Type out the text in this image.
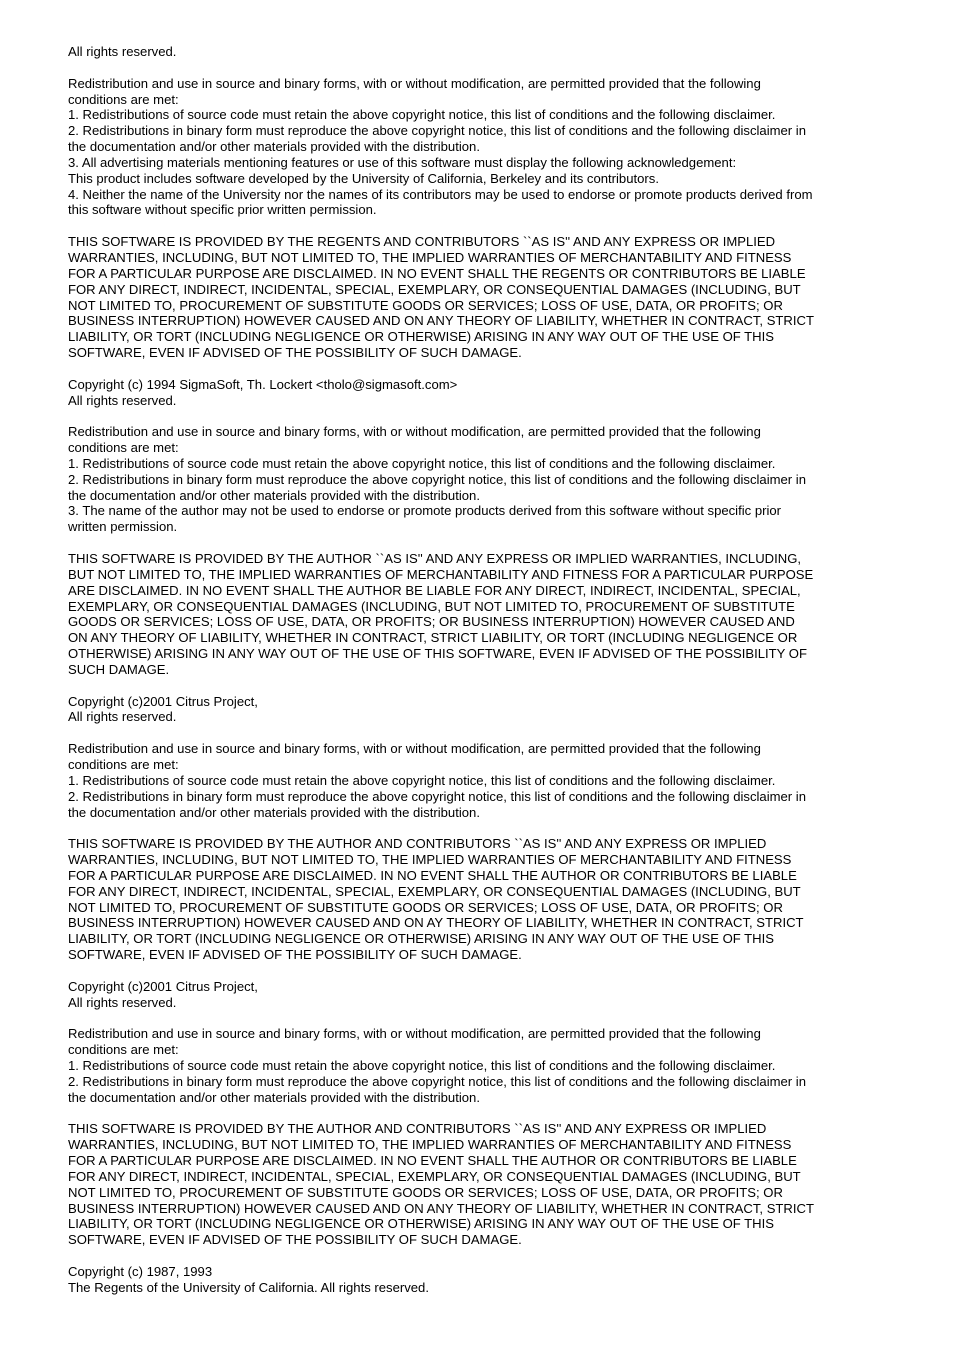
All rights reserved.
Redistribution and use in source and binary forms, with or without modification, are permitted provided that the following
conditions are met:
1. Redistributions of source code must retain the above copyright notice, this list of conditions and the following disclaimer.
2. Redistributions in binary form must reproduce the above copyright notice, this list of conditions and the following disclaimer in
the documentation and/or other materials provided with the distribution.
3. All advertising materials mentioning features or use of this software must display the following acknowledgement:
This product includes software developed by the University of California, Berkeley and its contributors.
4. Neither the name of the University nor the names of its contributors may be used to endorse or promote products derived from
this software without specific prior written permission.
THIS SOFTWARE IS PROVIDED BY THE REGENTS AND CONTRIBUTORS ``AS IS'' AND ANY EXPRESS OR IMPLIED
WARRANTIES, INCLUDING, BUT NOT LIMITED TO, THE IMPLIED WARRANTIES OF MERCHANTABILITY AND FITNESS
FOR A PARTICULAR PURPOSE ARE DISCLAIMED. IN NO EVENT SHALL THE REGENTS OR CONTRIBUTORS BE LIABLE
FOR ANY DIRECT, INDIRECT, INCIDENTAL, SPECIAL, EXEMPLARY, OR CONSEQUENTIAL DAMAGES (INCLUDING, BUT
NOT LIMITED TO, PROCUREMENT OF SUBSTITUTE GOODS OR SERVICES; LOSS OF USE, DATA, OR PROFITS; OR
BUSINESS INTERRUPTION) HOWEVER CAUSED AND ON ANY THEORY OF LIABILITY, WHETHER IN CONTRACT, STRICT
LIABILITY, OR TORT (INCLUDING NEGLIGENCE OR OTHERWISE) ARISING IN ANY WAY OUT OF THE USE OF THIS
SOFTWARE, EVEN IF ADVISED OF THE POSSIBILITY OF SUCH DAMAGE.
Copyright (c) 1994 SigmaSoft, Th. Lockert <tholo@sigmasoft.com>
All rights reserved.
Redistribution and use in source and binary forms, with or without modification, are permitted provided that the following
conditions are met:
1. Redistributions of source code must retain the above copyright notice, this list of conditions and the following disclaimer.
2. Redistributions in binary form must reproduce the above copyright notice, this list of conditions and the following disclaimer in
the documentation and/or other materials provided with the distribution.
3. The name of the author may not be used to endorse or promote products derived from this software without specific prior
written permission.
THIS SOFTWARE IS PROVIDED BY THE AUTHOR ``AS IS'' AND ANY EXPRESS OR IMPLIED WARRANTIES, INCLUDING,
BUT NOT LIMITED TO, THE IMPLIED WARRANTIES OF MERCHANTABILITY AND FITNESS FOR A PARTICULAR PURPOSE
ARE DISCLAIMED. IN NO EVENT SHALL THE AUTHOR BE LIABLE FOR ANY DIRECT, INDIRECT, INCIDENTAL, SPECIAL,
EXEMPLARY, OR CONSEQUENTIAL DAMAGES (INCLUDING, BUT NOT LIMITED TO, PROCUREMENT OF SUBSTITUTE
GOODS OR SERVICES; LOSS OF USE, DATA, OR PROFITS; OR BUSINESS INTERRUPTION) HOWEVER CAUSED AND
ON ANY THEORY OF LIABILITY, WHETHER IN CONTRACT, STRICT LIABILITY, OR TORT (INCLUDING NEGLIGENCE OR
OTHERWISE) ARISING IN ANY WAY OUT OF THE USE OF THIS SOFTWARE, EVEN IF ADVISED OF THE POSSIBILITY OF
SUCH DAMAGE.
Copyright (c)2001 Citrus Project,
All rights reserved.
Redistribution and use in source and binary forms, with or without modification, are permitted provided that the following
conditions are met:
1. Redistributions of source code must retain the above copyright notice, this list of conditions and the following disclaimer.
2. Redistributions in binary form must reproduce the above copyright notice, this list of conditions and the following disclaimer in
the documentation and/or other materials provided with the distribution.
THIS SOFTWARE IS PROVIDED BY THE AUTHOR AND CONTRIBUTORS ``AS IS'' AND ANY EXPRESS OR IMPLIED
WARRANTIES, INCLUDING, BUT NOT LIMITED TO, THE IMPLIED WARRANTIES OF MERCHANTABILITY AND FITNESS
FOR A PARTICULAR PURPOSE ARE DISCLAIMED. IN NO EVENT SHALL THE AUTHOR OR CONTRIBUTORS BE LIABLE
FOR ANY DIRECT, INDIRECT, INCIDENTAL, SPECIAL, EXEMPLARY, OR CONSEQUENTIAL DAMAGES (INCLUDING, BUT
NOT LIMITED TO, PROCUREMENT OF SUBSTITUTE GOODS OR SERVICES; LOSS OF USE, DATA, OR PROFITS; OR
BUSINESS INTERRUPTION) HOWEVER CAUSED AND ON AY THEORY OF LIABILITY, WHETHER IN CONTRACT, STRICT
LIABILITY, OR TORT (INCLUDING NEGLIGENCE OR OTHERWISE) ARISING IN ANY WAY OUT OF THE USE OF THIS
SOFTWARE, EVEN IF ADVISED OF THE POSSIBILITY OF SUCH DAMAGE.
Copyright (c)2001 Citrus Project,
All rights reserved.
Redistribution and use in source and binary forms, with or without modification, are permitted provided that the following
conditions are met:
1. Redistributions of source code must retain the above copyright notice, this list of conditions and the following disclaimer.
2. Redistributions in binary form must reproduce the above copyright notice, this list of conditions and the following disclaimer in
the documentation and/or other materials provided with the distribution.
THIS SOFTWARE IS PROVIDED BY THE AUTHOR AND CONTRIBUTORS ``AS IS'' AND ANY EXPRESS OR IMPLIED
WARRANTIES, INCLUDING, BUT NOT LIMITED TO, THE IMPLIED WARRANTIES OF MERCHANTABILITY AND FITNESS
FOR A PARTICULAR PURPOSE ARE DISCLAIMED. IN NO EVENT SHALL THE AUTHOR OR CONTRIBUTORS BE LIABLE
FOR ANY DIRECT, INDIRECT, INCIDENTAL, SPECIAL, EXEMPLARY, OR CONSEQUENTIAL DAMAGES (INCLUDING, BUT
NOT LIMITED TO, PROCUREMENT OF SUBSTITUTE GOODS OR SERVICES; LOSS OF USE, DATA, OR PROFITS; OR
BUSINESS INTERRUPTION) HOWEVER CAUSED AND ON ANY THEORY OF LIABILITY, WHETHER IN CONTRACT, STRICT
LIABILITY, OR TORT (INCLUDING NEGLIGENCE OR OTHERWISE) ARISING IN ANY WAY OUT OF THE USE OF THIS
SOFTWARE, EVEN IF ADVISED OF THE POSSIBILITY OF SUCH DAMAGE.
Copyright (c) 1987, 1993
The Regents of the University of California. All rights reserved.
